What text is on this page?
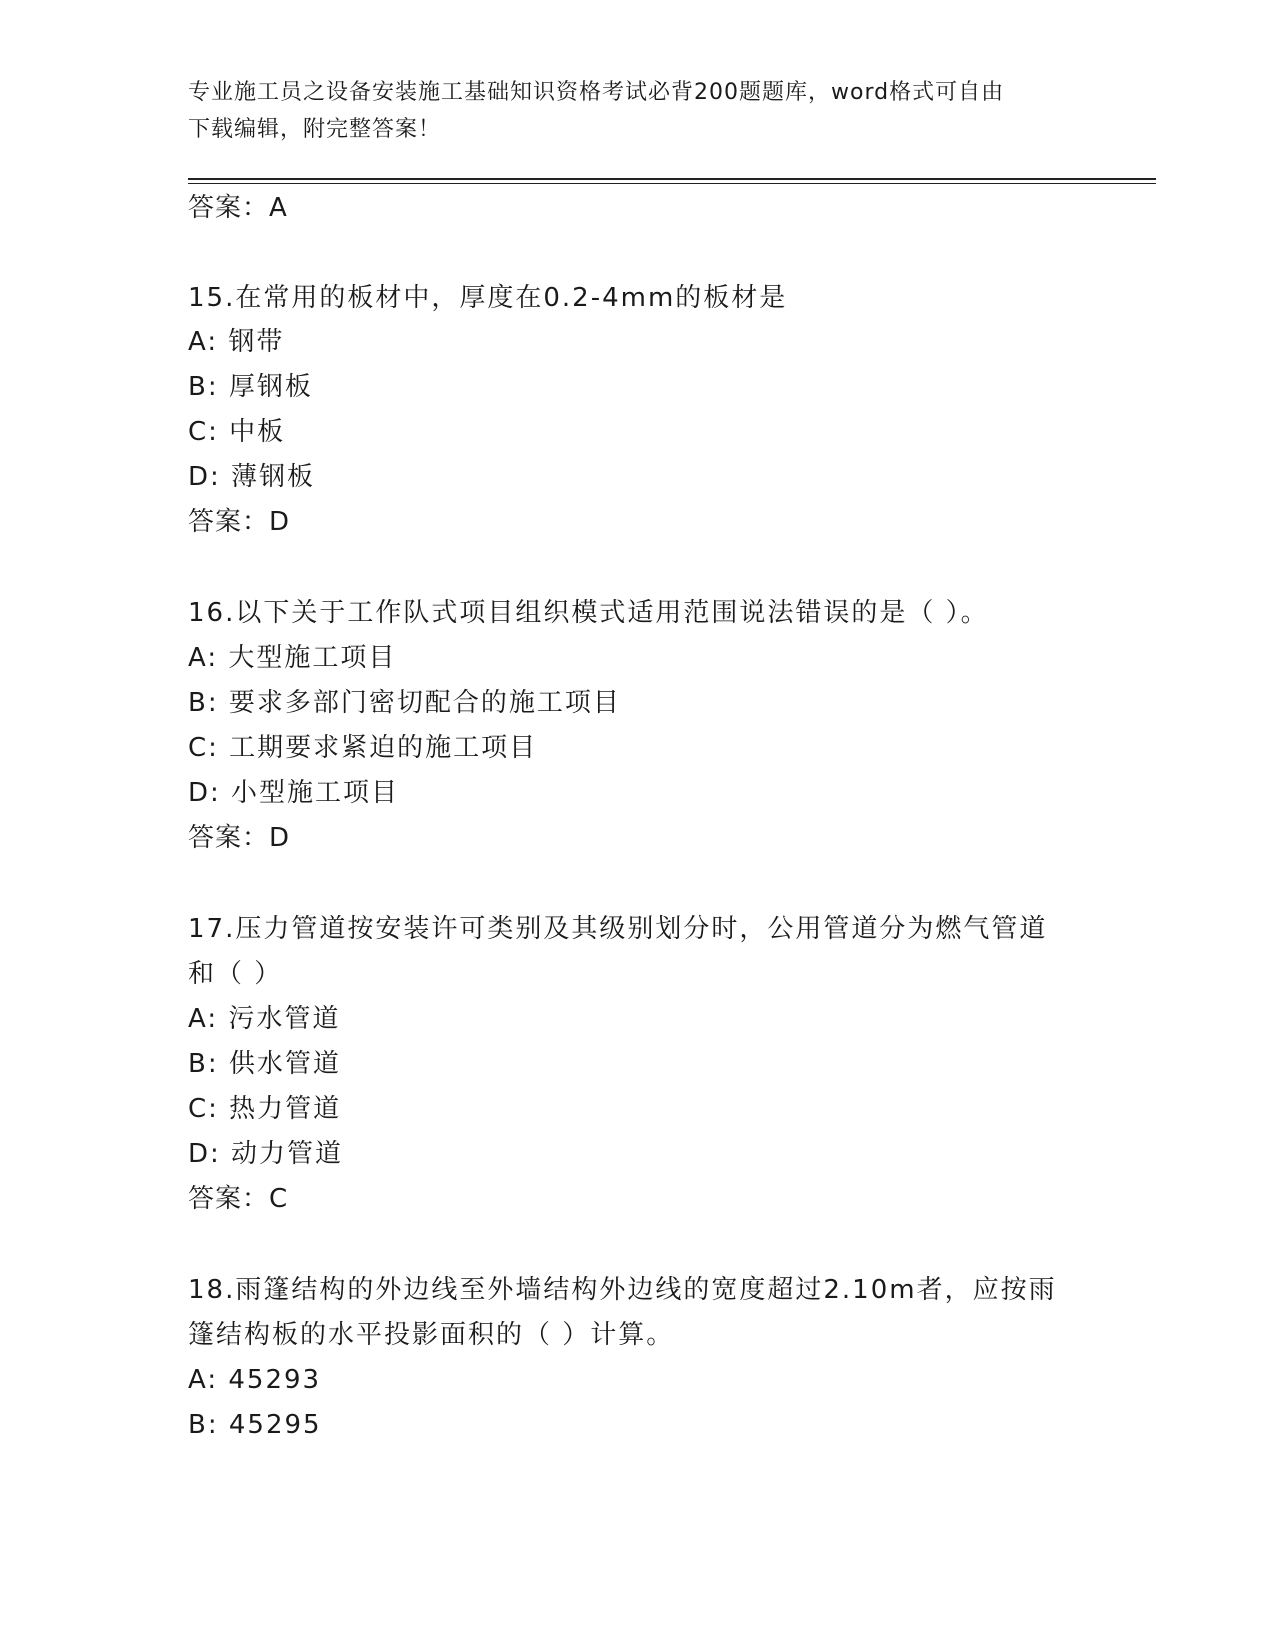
专业施工员之设备安装施工基础知识资格考试必背200题题库，word格式可自由
下载编辑，附完整答案！
答案：A
15.在常用的板材中，厚度在0.2-4mm的板材是
A: 钢带
B: 厚钢板
C: 中板
D: 薄钢板
答案：D
16.以下关于工作队式项目组织模式适用范围说法错误的是（ ）。
A: 大型施工项目
B: 要求多部门密切配合的施工项目
C: 工期要求紧迫的施工项目
D: 小型施工项目
答案：D
17.压力管道按安装许可类别及其级别划分时，公用管道分为燃气管道
和（ ）
A: 污水管道
B: 供水管道
C: 热力管道
D: 动力管道
答案：C
18.雨篷结构的外边线至外墙结构外边线的宽度超过2.10m者，应按雨
篷结构板的水平投影面积的（ ）计算。
A: 45293
B: 45295
